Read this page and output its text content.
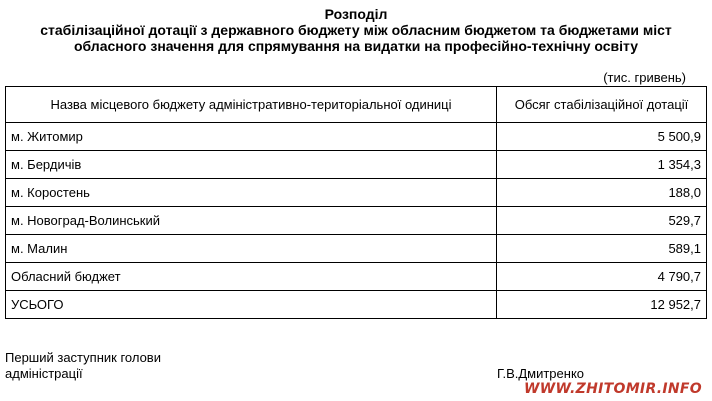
Розподіл
стабілізаційної дотації з державного бюджету між обласним бюджетом та бюджетами міст
обласного значення для спрямування на видатки на професійно-технічну освіту
(тис. гривень)
Назва місцевого бюджету адміністративно-територіальної одиниці	Обсяг стабілізаційної дотації
м. Житомир	5 500,9
м. Бердичів	1 354,3
м. Коростень	188,0
м. Новоград-Волинський	529,7
м. Малин	589,1
Обласний бюджет	4 790,7
УСЬОГО	12 952,7
Перший заступник голови
адміністрації	Г.В.Дмитренко
WWW.ZHITOMIR.INFO
